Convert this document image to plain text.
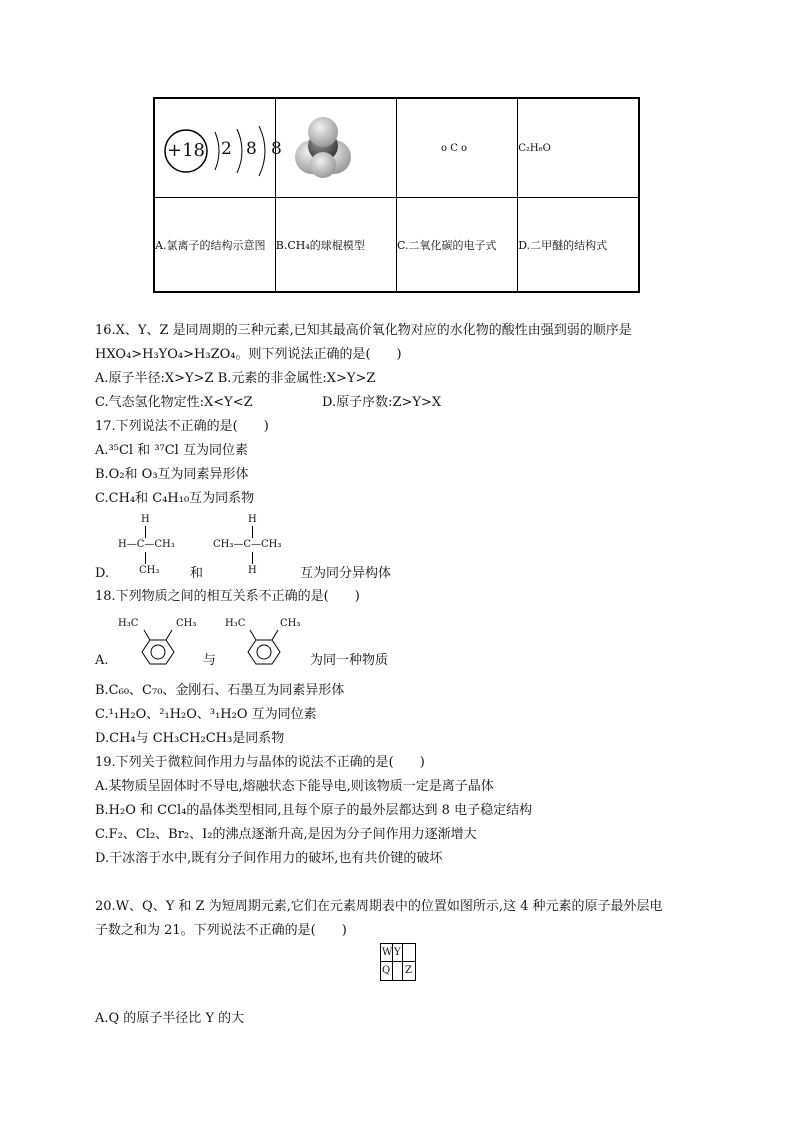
+18 2 8 8		o C o	C₂H₆O

A.氯离子的结构示意图	B.CH₄的球棍模型	C.二氧化碳的电子式	D.二甲醚的结构式
16.X、Y、Z 是同周期的三种元素,已知其最高价氧化物对应的水化物的酸性由强到弱的顺序是
HXO₄>H₃YO₄>H₃ZO₄。则下列说法正确的是(　　)
A.原子半径:X>Y>Z B.元素的非金属性:X>Y>Z
C.气态氢化物定性:X<Y<Z	D.原子序数:Z>Y>X
17.下列说法不正确的是(　　)
A.³⁵Cl 和 ³⁷Cl 互为同位素
B.O₂和 O₃互为同素异形体
C.CH₄和 C₄H₁₀互为同系物
H
H—C—CH₃
CH₃
H
CH₃—C—CH₃
H
D.	和	互为同分异构体
18.下列物质之间的相互关系不正确的是(　　)
H₃C	CH₃	H₃C	CH₃
A.	与	为同一种物质
B.C₆₀、C₇₀、金刚石、石墨互为同素异形体
C.¹₁H₂O、²₁H₂O、³₁H₂O 互为同位素
D.CH₄与 CH₃CH₂CH₃是同系物
19.下列关于微粒间作用力与晶体的说法不正确的是(　　)
A.某物质呈固体时不导电,熔融状态下能导电,则该物质一定是离子晶体
B.H₂O 和 CCl₄的晶体类型相同,且每个原子的最外层都达到 8 电子稳定结构
C.F₂、Cl₂、Br₂、I₂的沸点逐渐升高,是因为分子间作用力逐渐增大
D.干冰溶于水中,既有分子间作用力的破坏,也有共价键的破坏
20.W、Q、Y 和 Z 为短周期元素,它们在元素周期表中的位置如图所示,这 4 种元素的原子最外层电
子数之和为 21。下列说法不正确的是(　　)
W Y
Q Z
A.Q 的原子半径比 Y 的大
